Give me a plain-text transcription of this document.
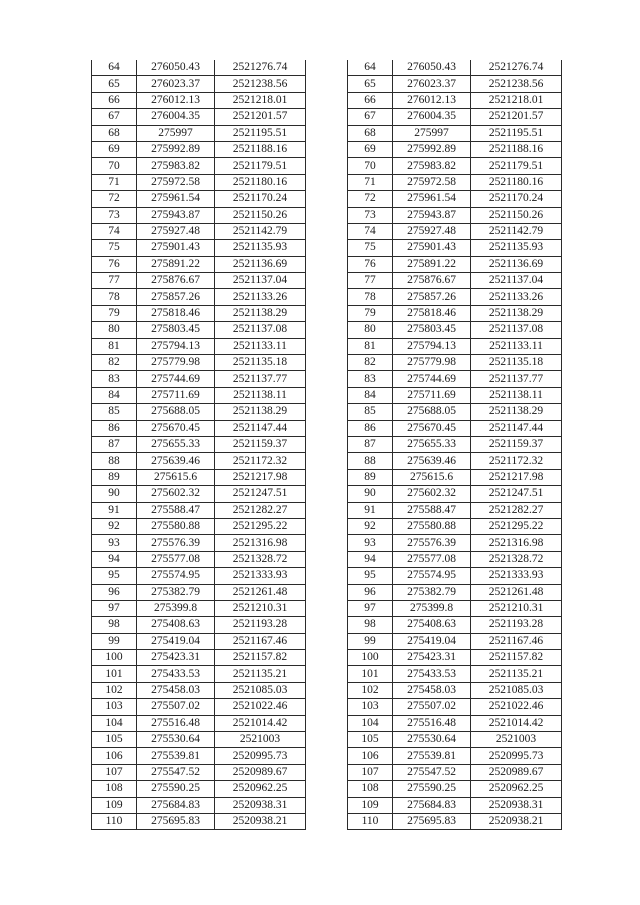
64	276050.43	2521276.74
65	276023.37	2521238.56
66	276012.13	2521218.01
67	276004.35	2521201.57
68	275997	2521195.51
69	275992.89	2521188.16
70	275983.82	2521179.51
71	275972.58	2521180.16
72	275961.54	2521170.24
73	275943.87	2521150.26
74	275927.48	2521142.79
75	275901.43	2521135.93
76	275891.22	2521136.69
77	275876.67	2521137.04
78	275857.26	2521133.26
79	275818.46	2521138.29
80	275803.45	2521137.08
81	275794.13	2521133.11
82	275779.98	2521135.18
83	275744.69	2521137.77
84	275711.69	2521138.11
85	275688.05	2521138.29
86	275670.45	2521147.44
87	275655.33	2521159.37
88	275639.46	2521172.32
89	275615.6	2521217.98
90	275602.32	2521247.51
91	275588.47	2521282.27
92	275580.88	2521295.22
93	275576.39	2521316.98
94	275577.08	2521328.72
95	275574.95	2521333.93
96	275382.79	2521261.48
97	275399.8	2521210.31
98	275408.63	2521193.28
99	275419.04	2521167.46
100	275423.31	2521157.82
101	275433.53	2521135.21
102	275458.03	2521085.03
103	275507.02	2521022.46
104	275516.48	2521014.42
105	275530.64	2521003
106	275539.81	2520995.73
107	275547.52	2520989.67
108	275590.25	2520962.25
109	275684.83	2520938.31
110	275695.83	2520938.21
64	276050.43	2521276.74
65	276023.37	2521238.56
66	276012.13	2521218.01
67	276004.35	2521201.57
68	275997	2521195.51
69	275992.89	2521188.16
70	275983.82	2521179.51
71	275972.58	2521180.16
72	275961.54	2521170.24
73	275943.87	2521150.26
74	275927.48	2521142.79
75	275901.43	2521135.93
76	275891.22	2521136.69
77	275876.67	2521137.04
78	275857.26	2521133.26
79	275818.46	2521138.29
80	275803.45	2521137.08
81	275794.13	2521133.11
82	275779.98	2521135.18
83	275744.69	2521137.77
84	275711.69	2521138.11
85	275688.05	2521138.29
86	275670.45	2521147.44
87	275655.33	2521159.37
88	275639.46	2521172.32
89	275615.6	2521217.98
90	275602.32	2521247.51
91	275588.47	2521282.27
92	275580.88	2521295.22
93	275576.39	2521316.98
94	275577.08	2521328.72
95	275574.95	2521333.93
96	275382.79	2521261.48
97	275399.8	2521210.31
98	275408.63	2521193.28
99	275419.04	2521167.46
100	275423.31	2521157.82
101	275433.53	2521135.21
102	275458.03	2521085.03
103	275507.02	2521022.46
104	275516.48	2521014.42
105	275530.64	2521003
106	275539.81	2520995.73
107	275547.52	2520989.67
108	275590.25	2520962.25
109	275684.83	2520938.31
110	275695.83	2520938.21
